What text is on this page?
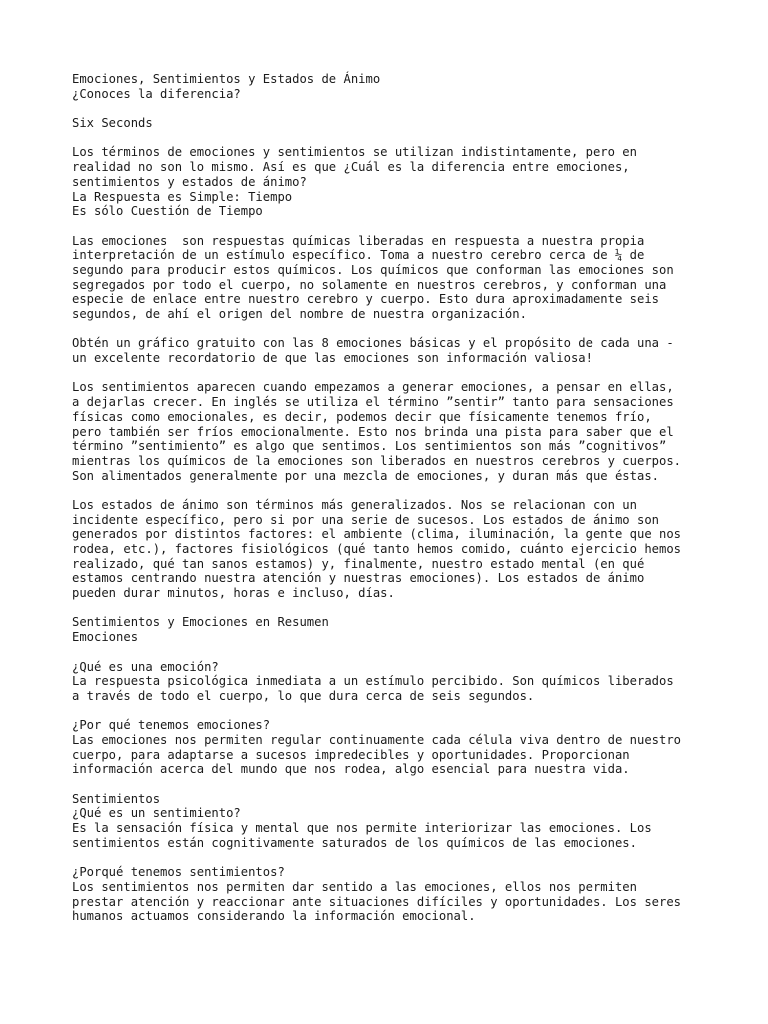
Emociones, Sentimientos y Estados de Ánimo
¿Conoces la diferencia?
Six Seconds
Los términos de emociones y sentimientos se utilizan indistintamente, pero en
realidad no son lo mismo. Así es que ¿Cuál es la diferencia entre emociones,
sentimientos y estados de ánimo?
La Respuesta es Simple: Tiempo
Es sólo Cuestión de Tiempo
Las emociones  son respuestas químicas liberadas en respuesta a nuestra propia
interpretación de un estímulo específico. Toma a nuestro cerebro cerca de ¼ de
segundo para producir estos químicos. Los químicos que conforman las emociones son
segregados por todo el cuerpo, no solamente en nuestros cerebros, y conforman una
especie de enlace entre nuestro cerebro y cuerpo. Esto dura aproximadamente seis
segundos, de ahí el origen del nombre de nuestra organización.
Obtén un gráfico gratuito con las 8 emociones básicas y el propósito de cada una -
un excelente recordatorio de que las emociones son información valiosa!
Los sentimientos aparecen cuando empezamos a generar emociones, a pensar en ellas,
a dejarlas crecer. En inglés se utiliza el término ”sentir” tanto para sensaciones
físicas como emocionales, es decir, podemos decir que físicamente tenemos frío,
pero también ser fríos emocionalmente. Esto nos brinda una pista para saber que el
término ”sentimiento” es algo que sentimos. Los sentimientos son más ”cognitivos”
mientras los químicos de la emociones son liberados en nuestros cerebros y cuerpos.
Son alimentados generalmente por una mezcla de emociones, y duran más que éstas.
Los estados de ánimo son términos más generalizados. Nos se relacionan con un
incidente específico, pero si por una serie de sucesos. Los estados de ánimo son
generados por distintos factores: el ambiente (clima, iluminación, la gente que nos
rodea, etc.), factores fisiológicos (qué tanto hemos comido, cuánto ejercicio hemos
realizado, qué tan sanos estamos) y, finalmente, nuestro estado mental (en qué
estamos centrando nuestra atención y nuestras emociones). Los estados de ánimo
pueden durar minutos, horas e incluso, días.
Sentimientos y Emociones en Resumen
Emociones
¿Qué es una emoción?
La respuesta psicológica inmediata a un estímulo percibido. Son químicos liberados
a través de todo el cuerpo, lo que dura cerca de seis segundos.
¿Por qué tenemos emociones?
Las emociones nos permiten regular continuamente cada célula viva dentro de nuestro
cuerpo, para adaptarse a sucesos impredecibles y oportunidades. Proporcionan
información acerca del mundo que nos rodea, algo esencial para nuestra vida.
Sentimientos
¿Qué es un sentimiento?
Es la sensación física y mental que nos permite interiorizar las emociones. Los
sentimientos están cognitivamente saturados de los químicos de las emociones.
¿Porqué tenemos sentimientos?
Los sentimientos nos permiten dar sentido a las emociones, ellos nos permiten
prestar atención y reaccionar ante situaciones difíciles y oportunidades. Los seres
humanos actuamos considerando la información emocional.
